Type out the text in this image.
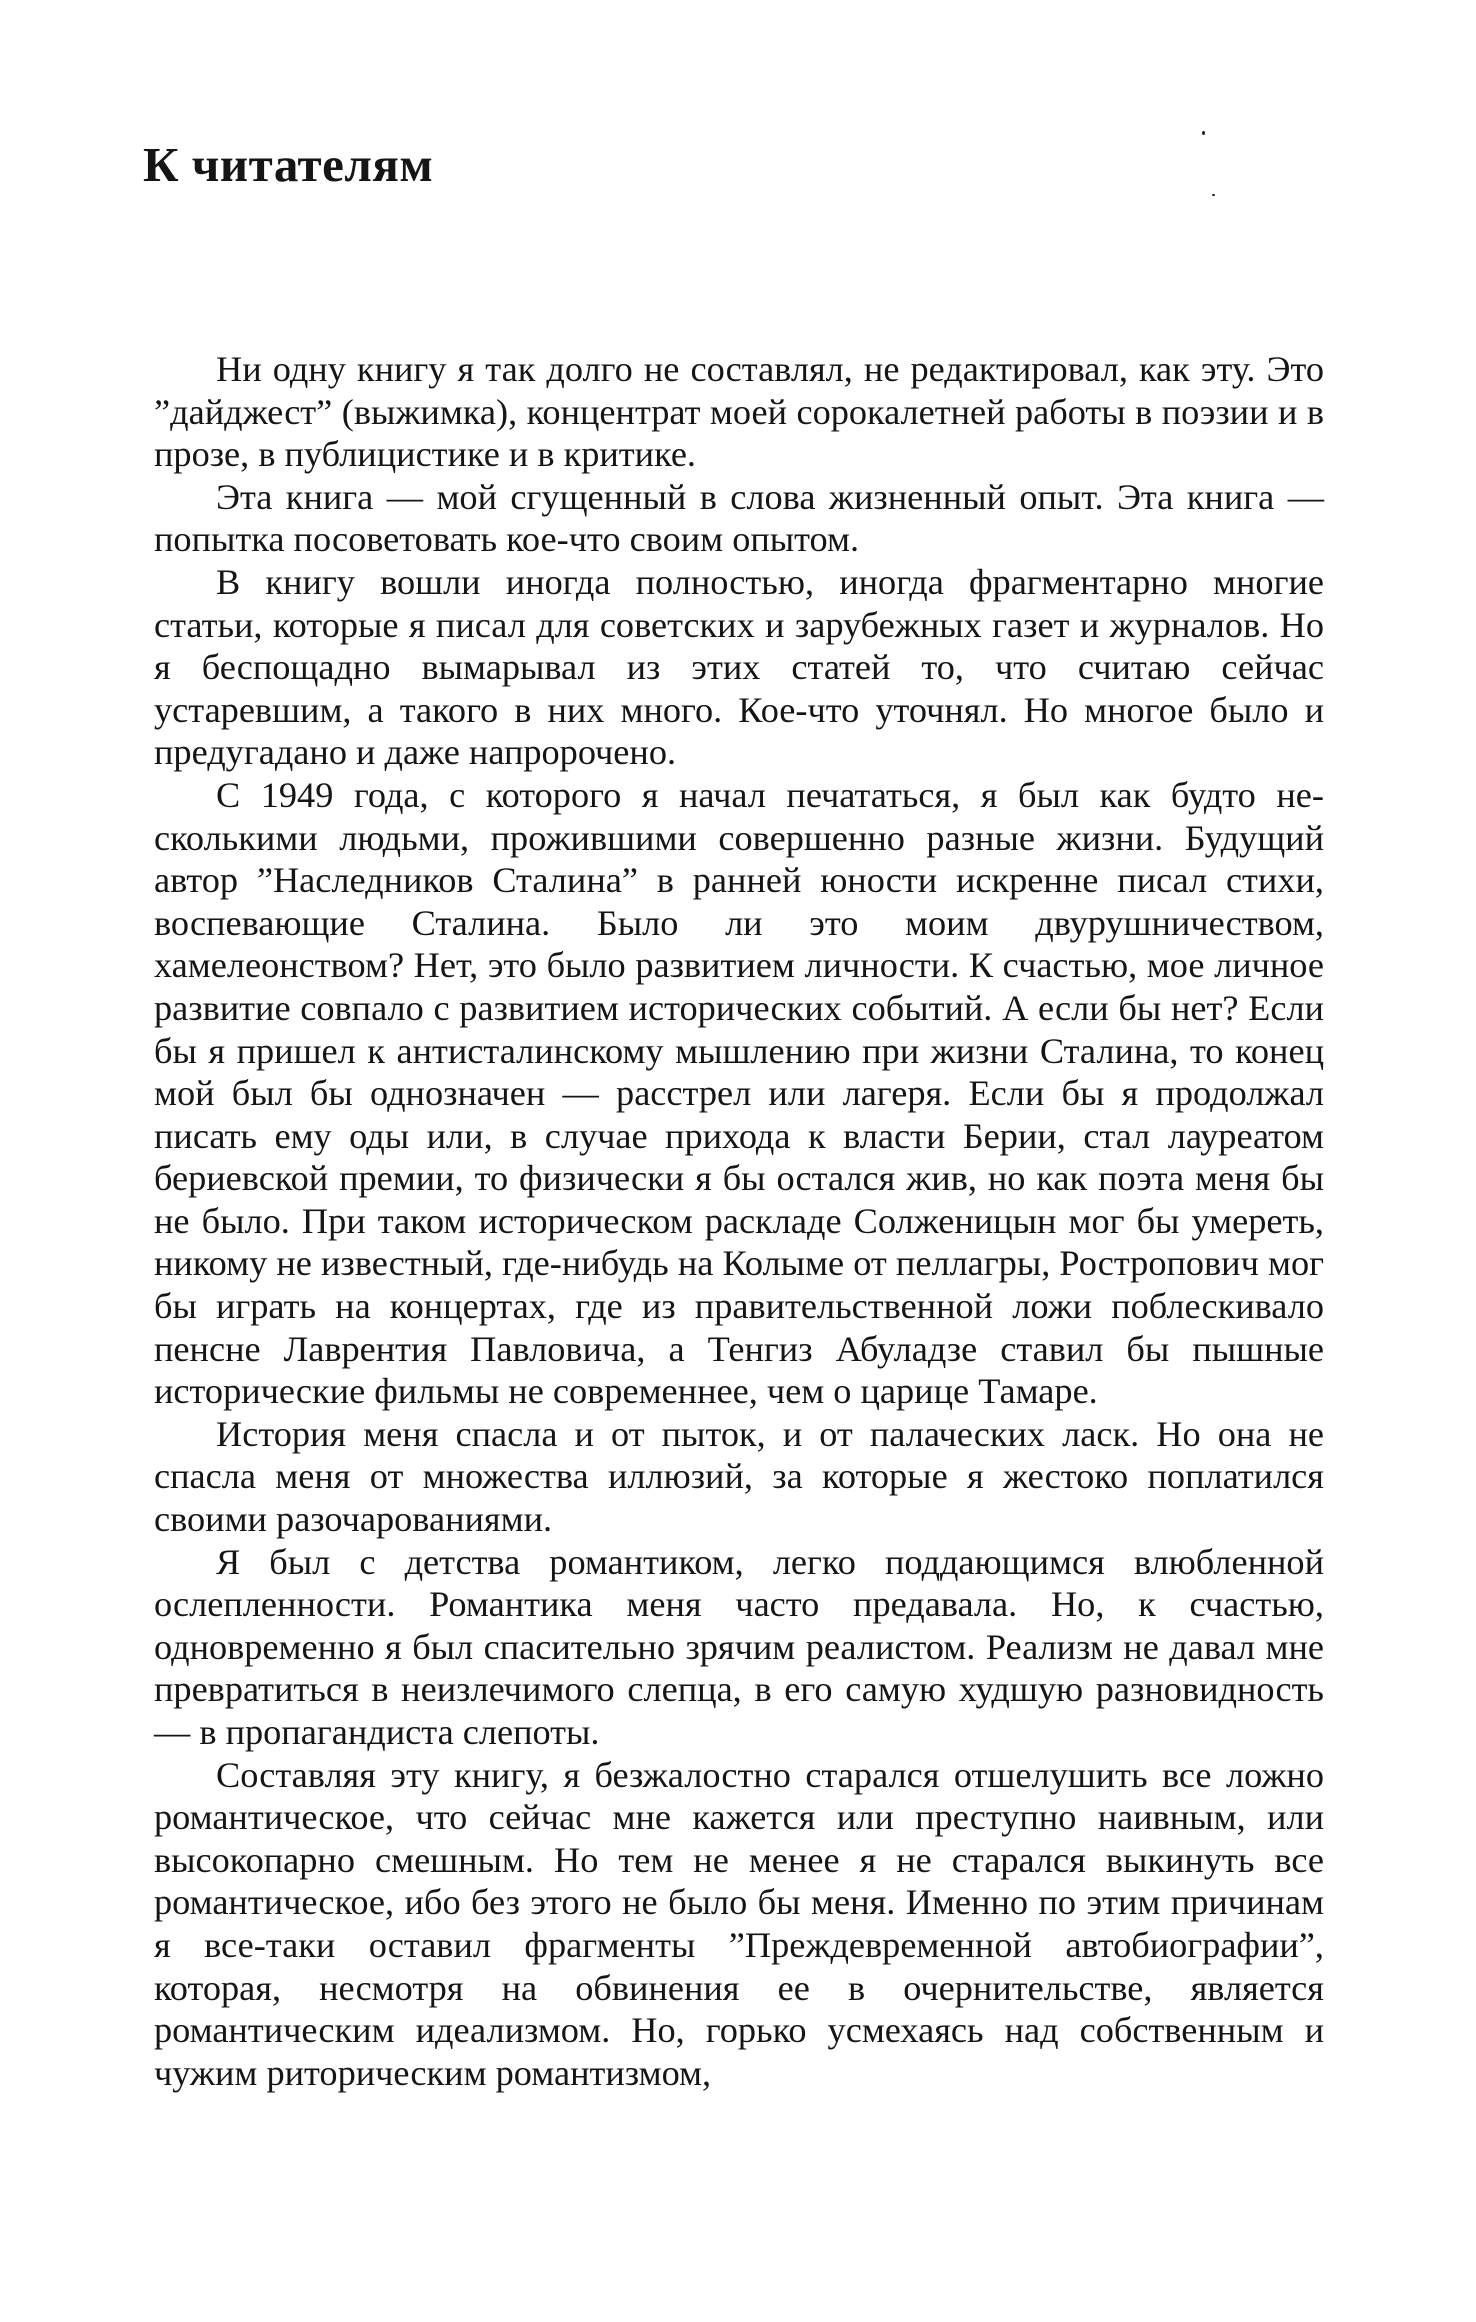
К читателям

Ни одну книгу я так долго не составлял, не редактировал, как эту. Это ”дайджест” (выжимка), концентрат моей сорокалетней работы в поэзии и в прозе, в публицистике и в критике.

Эта книга — мой сгущенный в слова жизненный опыт. Эта книга — попытка посоветовать кое-что своим опытом.

В книгу вошли иногда полностью, иногда фрагментарно многие статьи, которые я писал для советских и зарубежных газет и журналов. Но я беспощадно вымарывал из этих статей то, что считаю сейчас устаревшим, а такого в них много. Кое-что уточнял. Но многое было и предугадано и даже напророчено.

С 1949 года, с которого я начал печататься, я был как будто несколькими людьми, прожившими совершенно разные жизни. Будущий автор ”Наследников Сталина” в ранней юности искренне писал стихи, воспевающие Сталина. Было ли это моим двурушничеством, хамелеонством? Нет, это было развитием личности. К счастью, мое личное развитие совпало с развитием исторических событий. А если бы нет? Если бы я пришел к антисталинскому мышлению при жизни Сталина, то конец мой был бы однозначен — расстрел или лагеря. Если бы я продолжал писать ему оды или, в случае прихода к власти Берии, стал лауреатом бериевской премии, то физически я бы остался жив, но как поэта меня бы не было. При таком историческом раскладе Солженицын мог бы умереть, никому не известный, где-нибудь на Колыме от пеллагры, Ростропович мог бы играть на концертах, где из правительственной ложи поблескивало пенсне Лаврентия Павловича, а Тенгиз Абуладзе ставил бы пышные исторические фильмы не современнее, чем о царице Тамаре.

История меня спасла и от пыток, и от палаческих ласк. Но она не спасла меня от множества иллюзий, за которые я жестоко поплатился своими разочарованиями.

Я был с детства романтиком, легко поддающимся влюбленной ослепленности. Романтика меня часто предавала. Но, к счастью, одновременно я был спасительно зрячим реалистом. Реализм не давал мне превратиться в неизлечимого слепца, в его самую худшую разновидность — в пропагандиста слепоты.

Составляя эту книгу, я безжалостно старался отшелушить все ложно романтическое, что сейчас мне кажется или преступно наивным, или высокопарно смешным. Но тем не менее я не старался выкинуть все романтическое, ибо без этого не было бы меня. Именно по этим причинам я все-таки оставил фрагменты ”Преждевременной автобиографии”, которая, несмотря на обвинения ее в очернительстве, является романтическим идеализмом. Но, горько усмехаясь над собственным и чужим риторическим романтизмом,
